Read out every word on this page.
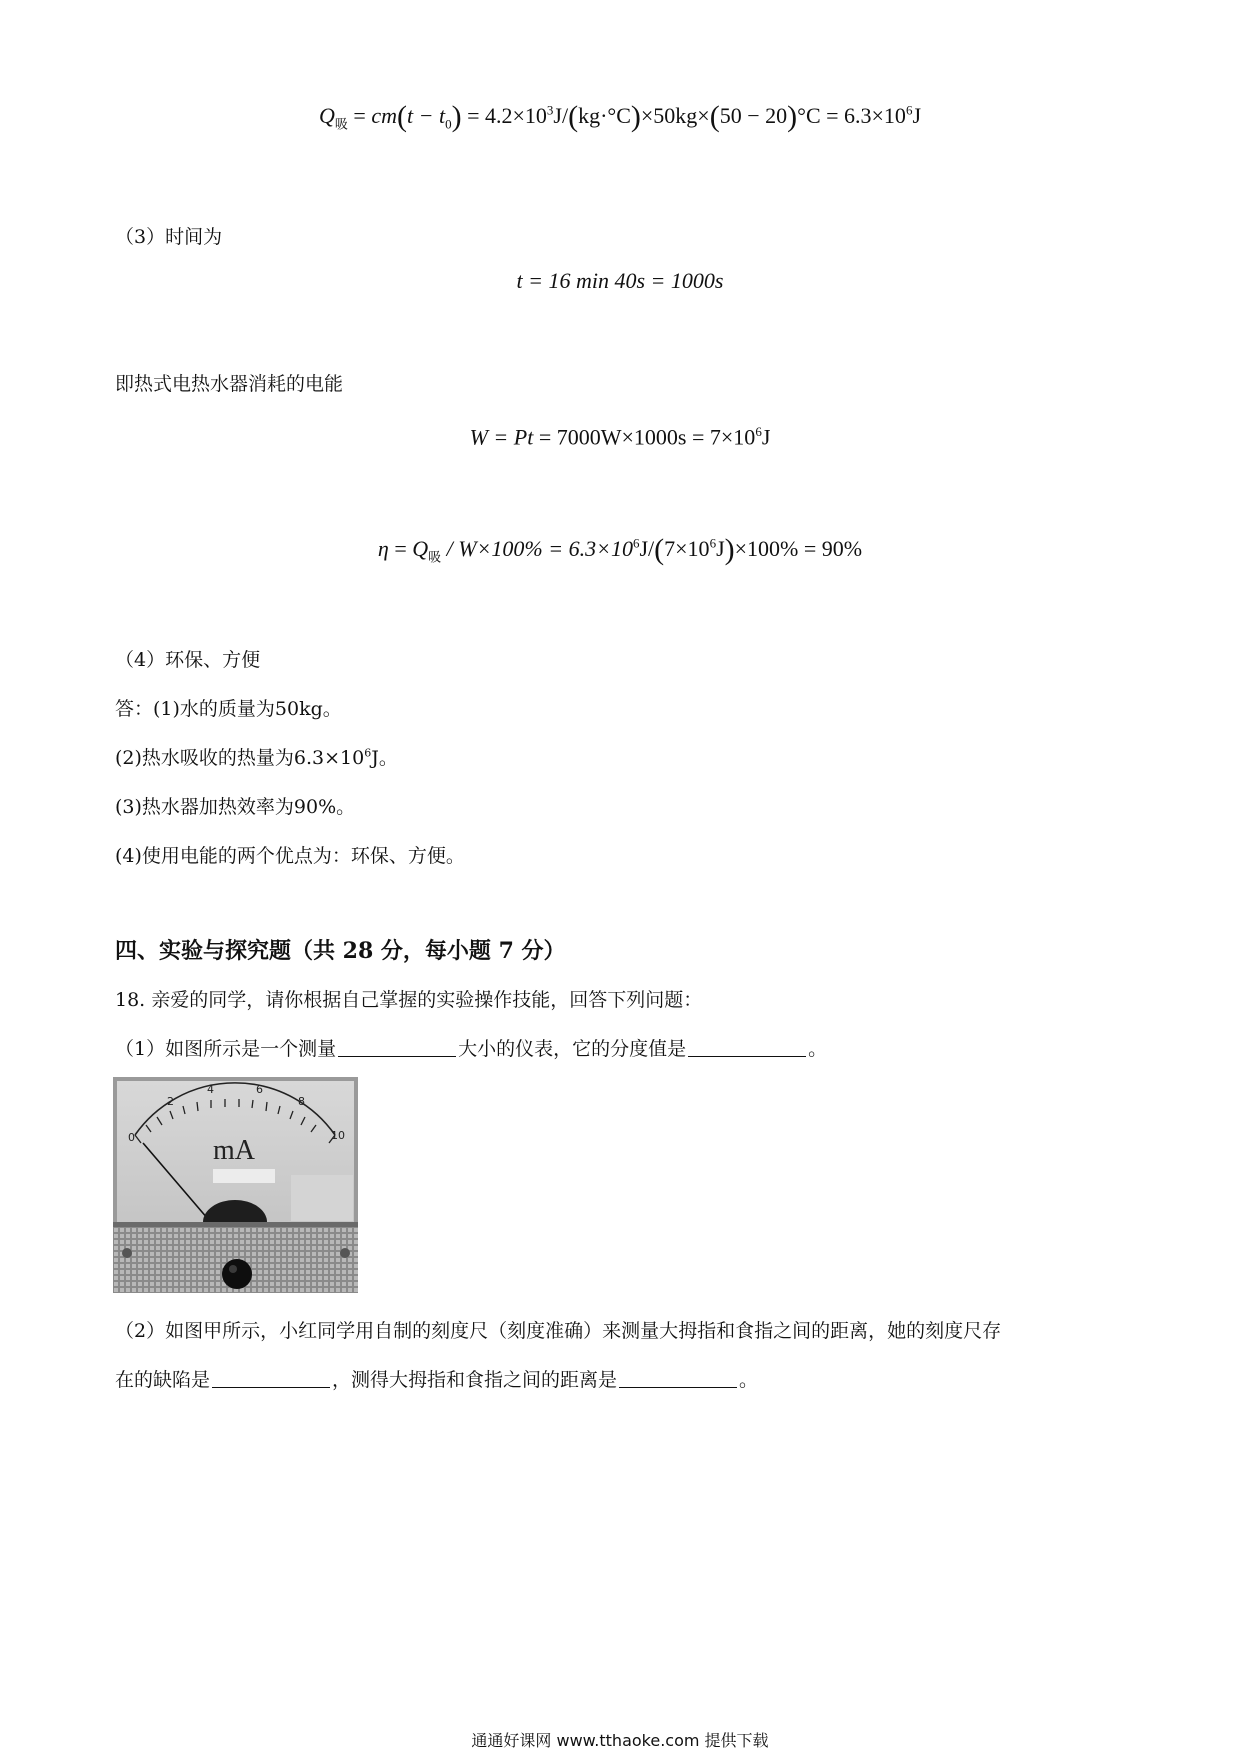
$Q_吸 = cm(t - t_0) = 4.2\times 10^3J/(kg\cdot^\circ C)\times 50kg\times(50 - 20)^\circ C = 6.3\times 10^6J$
（3）时间为
t = 16 min 40s = 1000s
即热式电热水器消耗的电能
$W = Pt = 7000W\times 1000s = 7\times 10^6J$
$\eta = Q_吸 / W\times 100\% = 6.3\times 10^6J/(7\times 10^6J)\times 100\% = 90\%$
（4）环保、方便
答：(1)水的质量为50kg。
(2)热水吸收的热量为$6.3\times 10^6J$。
(3)热水器加热效率为90%。
(4)使用电能的两个优点为：环保、方便。
四、实验与探究题（共 28 分，每小题 7 分）
18. 亲爱的同学，请你根据自己掌握的实验操作技能，回答下列问题：
（1）如图所示是一个测量	大小的仪表，它的分度值是	。
0
2
4	6
8
10
mA
（2）如图甲所示，小红同学用自制的刻度尺（刻度准确）来测量大拇指和食指之间的距离，她的刻度尺存
在的缺陷是	，测得大拇指和食指之间的距离是	。
通通好课网 www.tthaoke.com 提供下载
